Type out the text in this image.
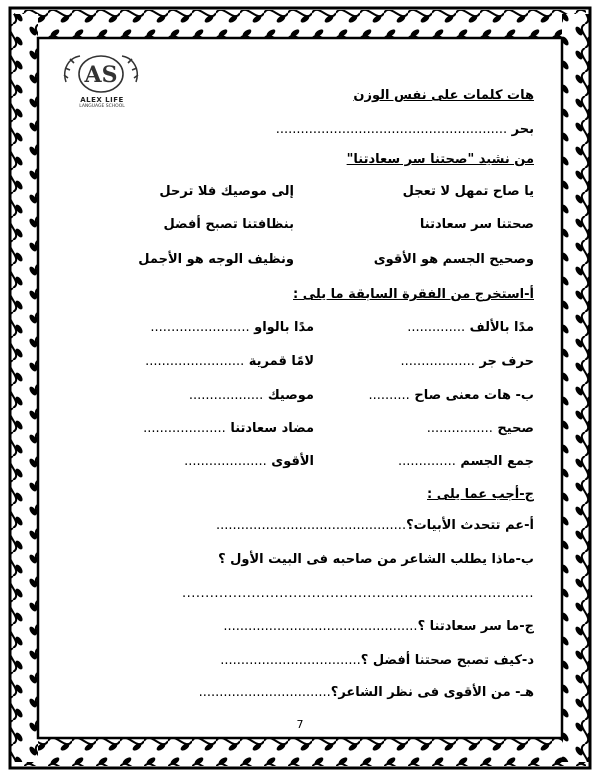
AS
ALEX LIFE
LANGUAGE SCHOOL
هات كلمات على نفس الوزن
بحر ........................................................
من نشيد "صحتنا سر سعادتنا"
يا صاح تمهل لا تعجل
إلى موصيك فلا ترحل
صحتنا سر سعادتنا
بنظافتنا تصبح أفضل
وصحيح الجسم هو الأقوى
ونظيف الوجه هو الأجمل
أ-استخرج من الفقرة السابقة ما يلى :
مدًا بالألف ..............
مدًا بالواو ........................
حرف جر ..................
لامًا قمرية ........................
ب- هات معنى صاح ..........
موصيك ..................
صحيح ................
مضاد سعادتنا ....................
جمع الجسم ..............
الأقوى ....................
ج-أجب عما يلى :
أ-عم تتحدث الأبيات؟..............................................
ب-ماذا يطلب الشاعر من صاحبه فى البيت الأول ؟
............................................................................
ج-ما سر سعادتنا ؟...............................................
د-كيف تصبح صحتنا أفضل ؟..................................
هـ- من الأقوى فى نظر الشاعر؟................................
7
